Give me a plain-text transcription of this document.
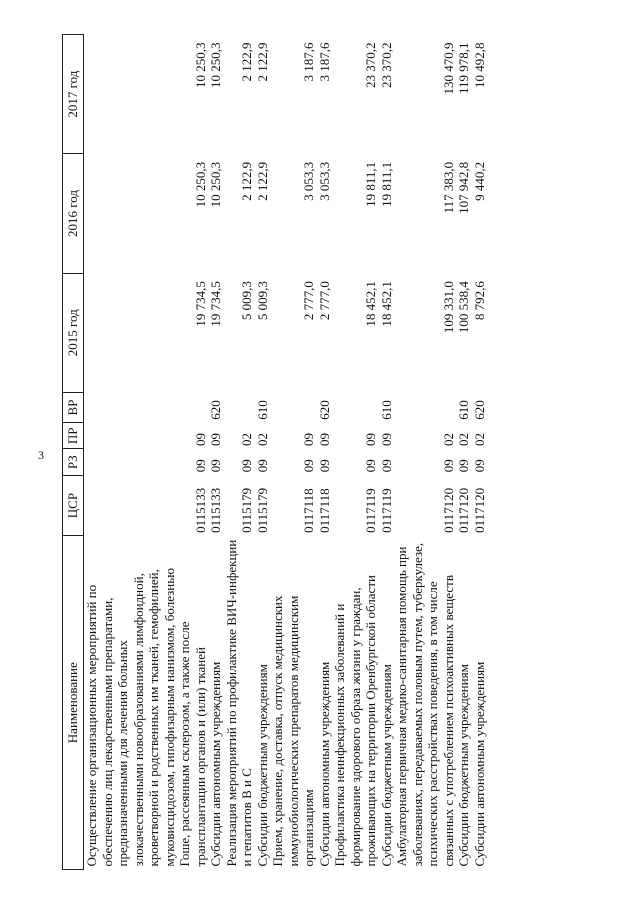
3
Наименование	ЦСР	РЗ	ПР	ВР	2015 год	2016 год	2017 год
Осуществление организационных мероприятий по обеспечению лиц лекарственными препаратами, предназначенными для лечения больных злокачественными новообразованиями лимфоидной, кроветворной и родственных им тканей, гемофилией, муковисцидозом, гипофизарным нанизмом, болезнью Гоше, рассеянным склерозом, а также после трансплантации органов и (или) тканей	0115133	09	09		19 734,5	10 250,3	10 250,3
Субсидии автономным учреждениям	0115133	09	09	620	19 734,5	10 250,3	10 250,3
Реализация мероприятий по профилактике ВИЧ-инфекции и гепатитов В и С	0115179	09	02		5 009,3	2 122,9	2 122,9
Субсидии бюджетным учреждениям	0115179	09	02	610	5 009,3	2 122,9	2 122,9
Прием, хранение, доставка, отпуск медицинских иммунобиологических препаратов медицинским организациям	0117118	09	09		2 777,0	3 053,3	3 187,6
Субсидии автономным учреждениям	0117118	09	09	620	2 777,0	3 053,3	3 187,6
Профилактика неинфекционных заболеваний и формирование здорового образа жизни у граждан, проживающих на территории Оренбургской области	0117119	09	09		18 452,1	19 811,1	23 370,2
Субсидии бюджетным учреждениям	0117119	09	09	610	18 452,1	19 811,1	23 370,2
Амбулаторная первичная медико-санитарная помощь при заболеваниях, передаваемых половым путем, туберкулезе, психических расстройствах поведения, в том числе связанных с употреблением психоактивных веществ	0117120	09	02		109 331,0	117 383,0	130 470,9
Субсидии бюджетным учреждениям	0117120	09	02	610	100 538,4	107 942,8	119 978,1
Субсидии автономным учреждениям	0117120	09	02	620	8 792,6	9 440,2	10 492,8
